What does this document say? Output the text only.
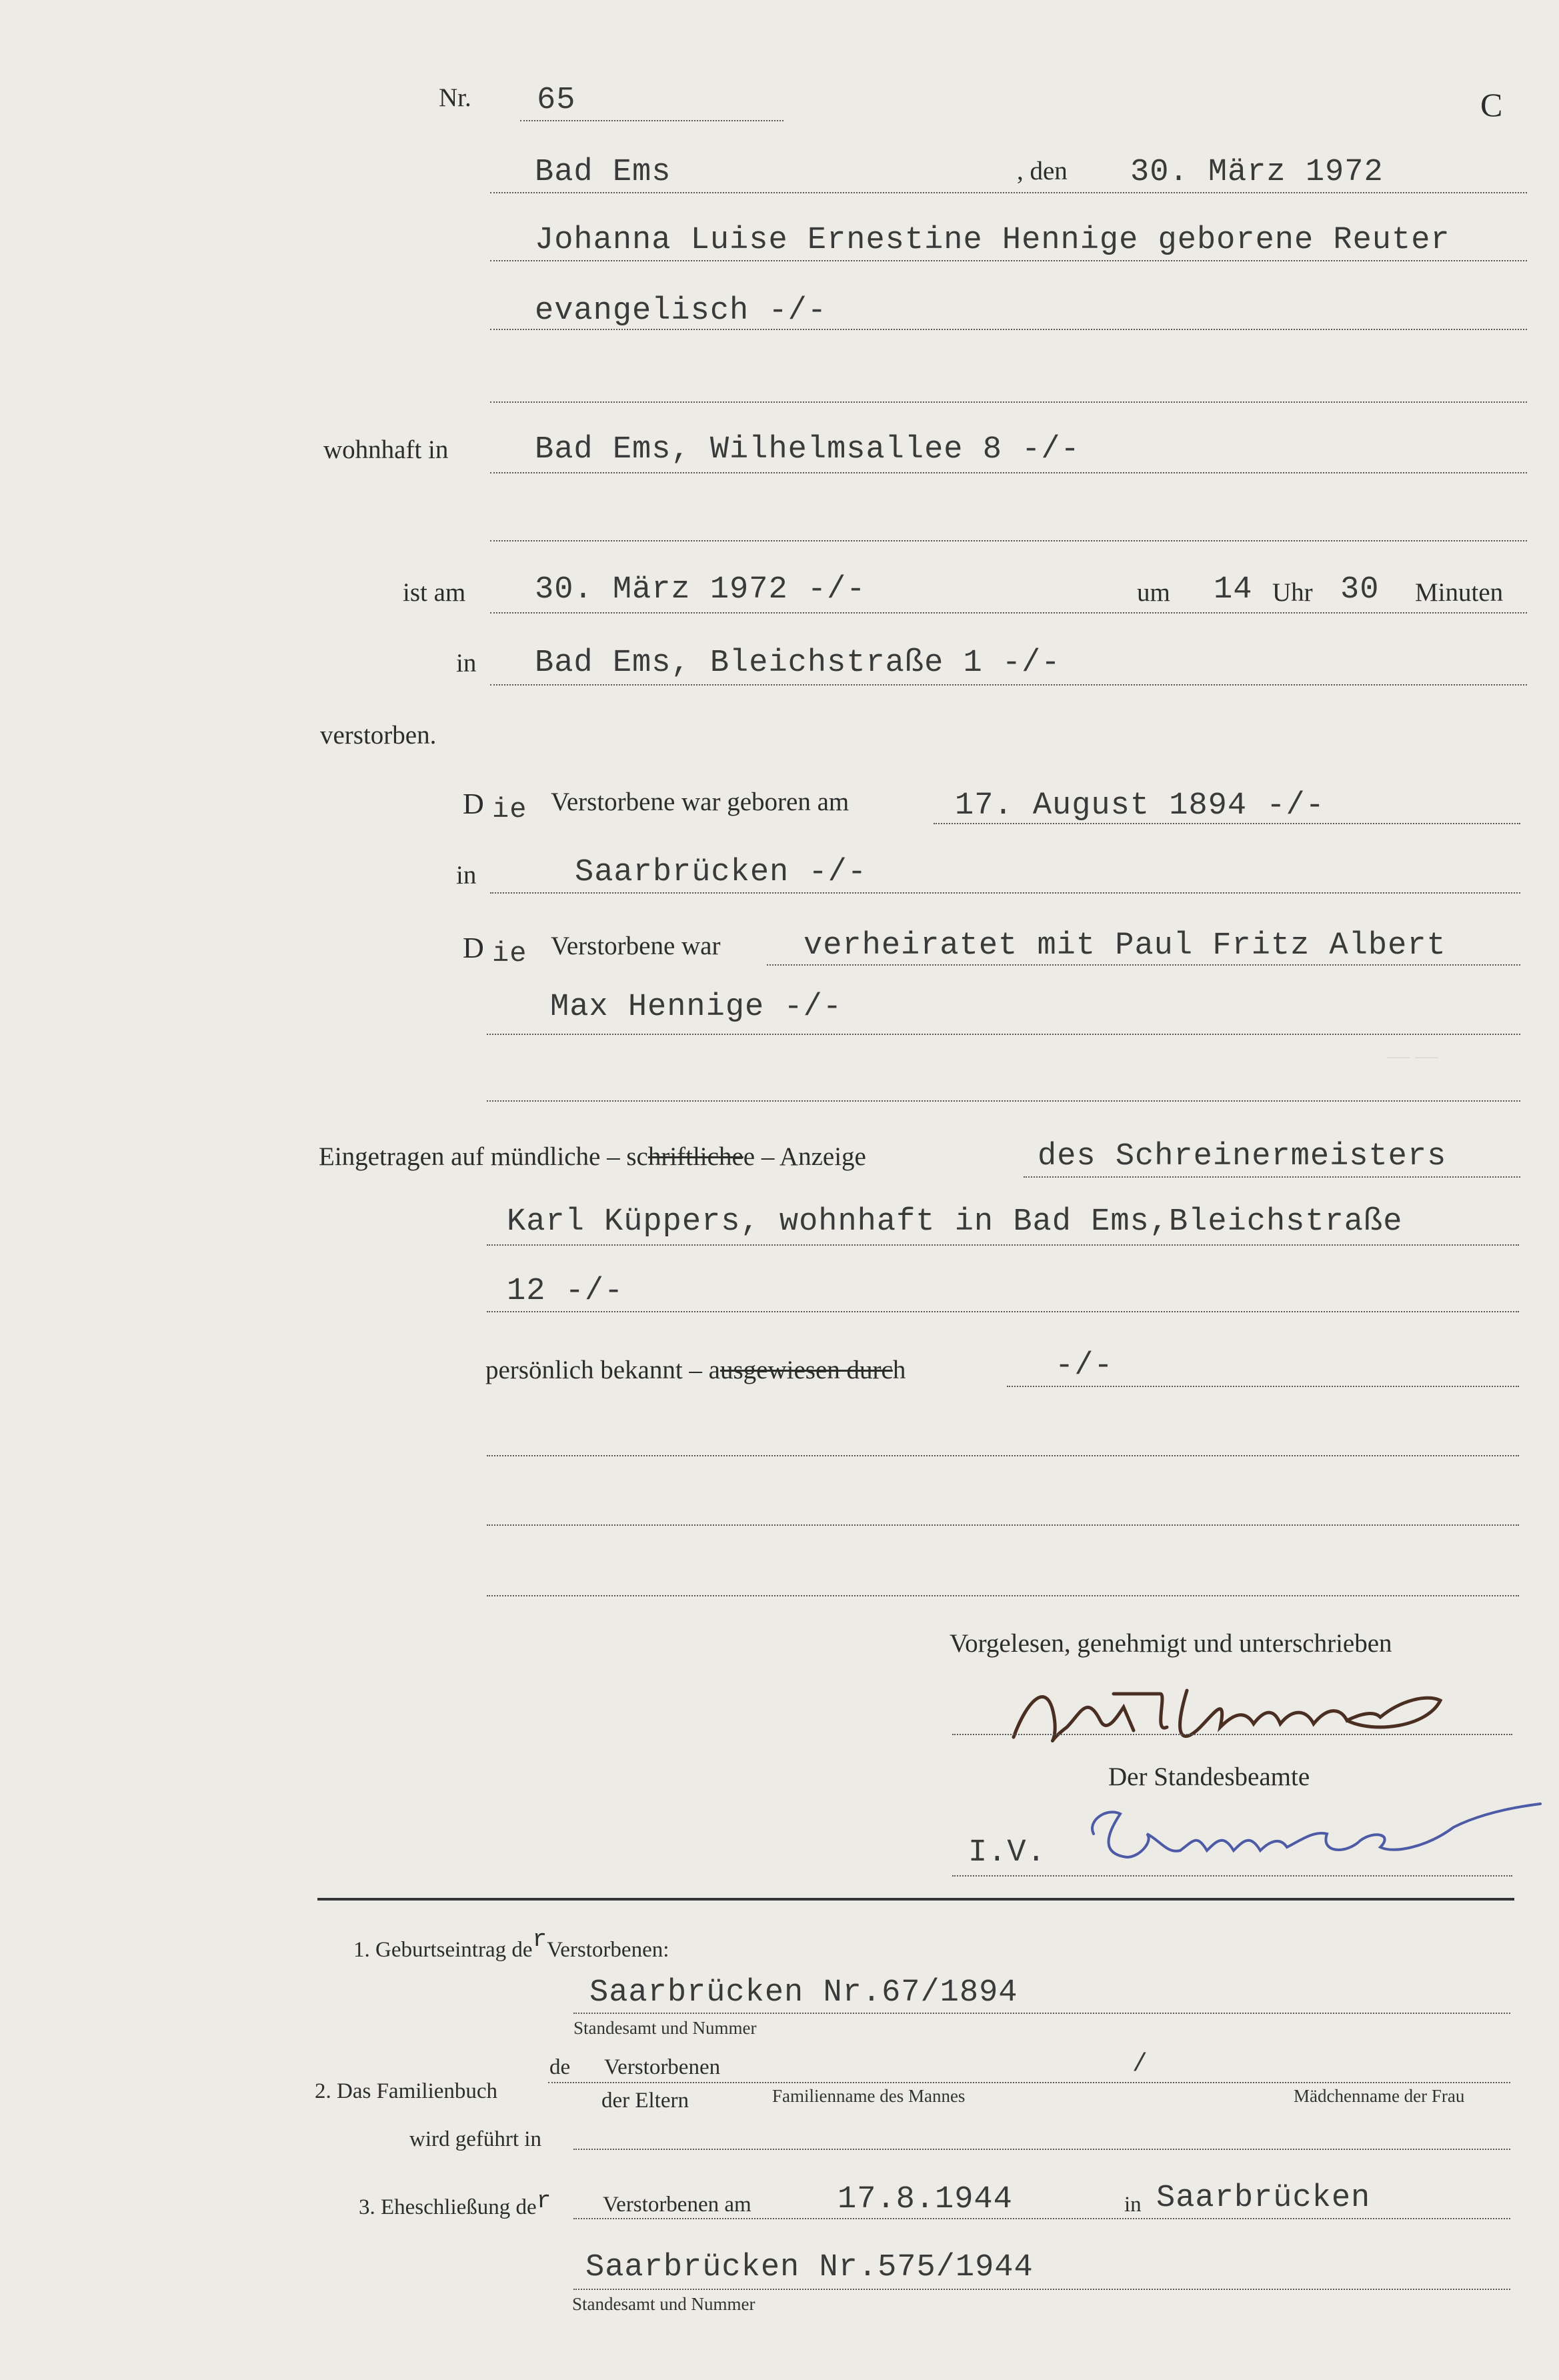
— —
C
Nr. 65
Bad Ems	, den 30. März 1972
Johanna Luise Ernestine Hennige geborene Reuter
evangelisch -/-
wohnhaft in	Bad Ems, Wilhelmsallee 8 -/-
ist am 30. März 1972 -/-	um 14 Uhr 30 Minuten
in Bad Ems, Bleichstraße 1 -/-
verstorben.
D ie Verstorbene war geboren am	17. August 1894 -/-
in	Saarbrücken -/-
D ie Verstorbene war	verheiratet mit Paul Fritz Albert
Max Hennige -/-
Eingetragen auf mündliche – schriftlichee – Anzeige	des Schreinermeisters
Karl Küppers, wohnhaft in Bad Ems,Bleichstraße
12 -/-
persönlich bekannt – ausgewiesen durch	-/-
Vorgelesen, genehmigt und unterschrieben
Der Standesbeamte
I.V.
1. Geburtseintrag derVerstorbenen:
Saarbrücken Nr.67/1894
Standesamt und Nummer
2. Das Familienbuch
de Verstorbenen	/
der Eltern	Familienname des Mannes	Mädchenname der Frau
wird geführt in
3. Eheschließung der Verstorbenen am	17.8.1944	in Saarbrücken
Saarbrücken Nr.575/1944
Standesamt und Nummer
